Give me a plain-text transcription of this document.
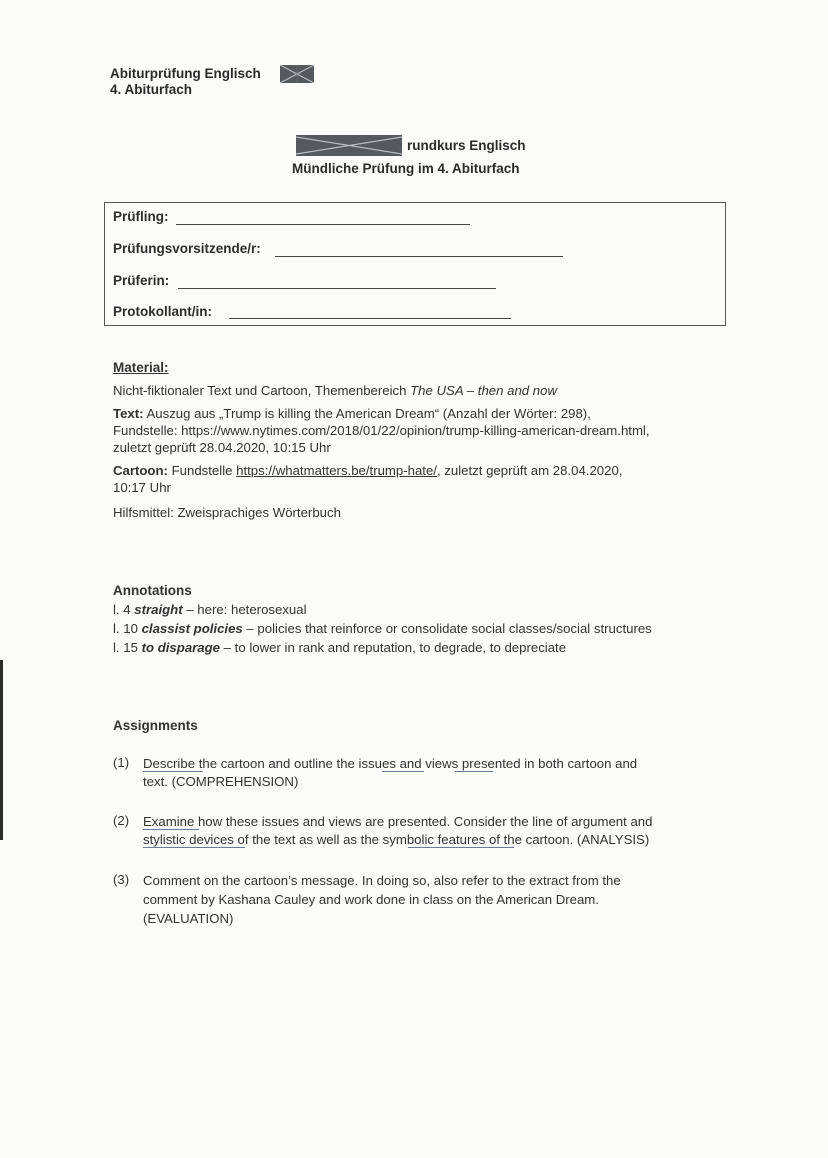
Abiturprüfung Englisch
4. Abiturfach
rundkurs Englisch
Mündliche Prüfung im 4. Abiturfach
Prüfling:
Prüfungsvorsitzende/r:
Prüferin:
Protokollant/in:
Material:
Nicht-fiktionaler Text und Cartoon, Themenbereich The USA – then and now
Text: Auszug aus „Trump is killing the American Dream“ (Anzahl der Wörter: 298),
Fundstelle: https://www.nytimes.com/2018/01/22/opinion/trump-killing-american-dream.html,
zuletzt geprüft 28.04.2020, 10:15 Uhr
Cartoon: Fundstelle https://whatmatters.be/trump-hate/, zuletzt geprüft am 28.04.2020,
10:17 Uhr
Hilfsmittel: Zweisprachiges Wörterbuch
Annotations
l. 4 straight – here: heterosexual
l. 10 classist policies – policies that reinforce or consolidate social classes/social structures
l. 15 to disparage – to lower in rank and reputation, to degrade, to depreciate
Assignments
(1) Describe the cartoon and outline the issues and views presented in both cartoon and
text. (COMPREHENSION)
(2) Examine how these issues and views are presented. Consider the line of argument and
stylistic devices of the text as well as the symbolic features of the cartoon. (ANALYSIS)
(3) Comment on the cartoon’s message. In doing so, also refer to the extract from the
comment by Kashana Cauley and work done in class on the American Dream.
(EVALUATION)
